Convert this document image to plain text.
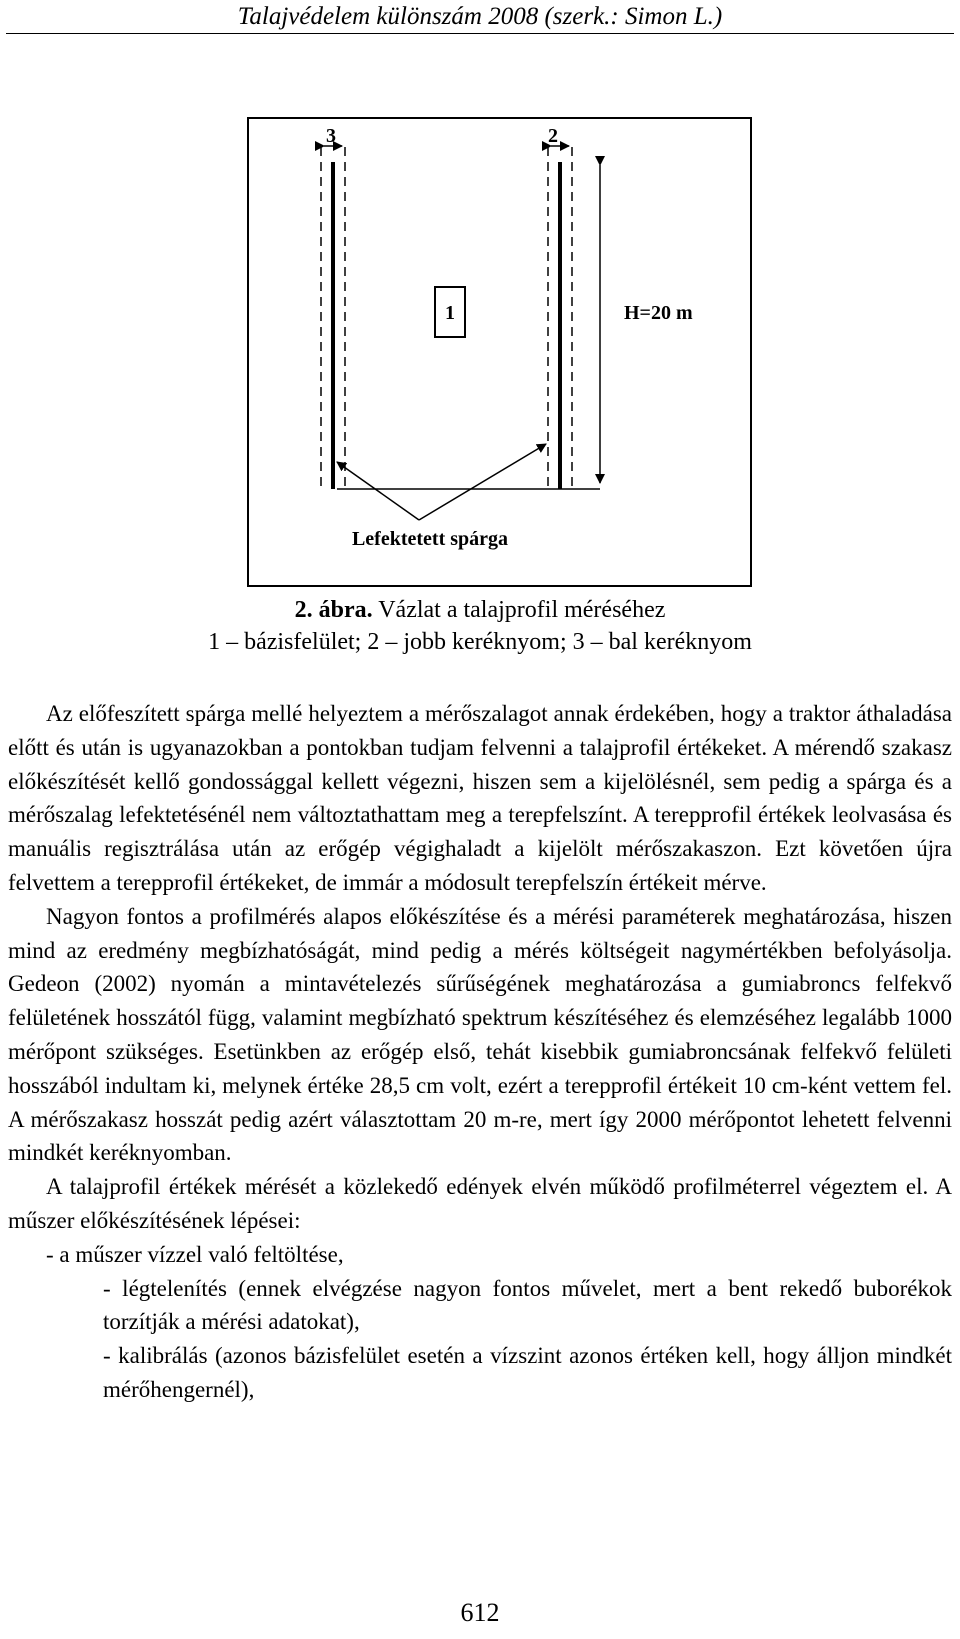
Talajvédelem különszám 2008 (szerk.: Simon L.)
3	2
1	H=20 m
Lefektetett spárga
2. ábra. Vázlat a talajprofil méréséhez
1 – bázisfelület; 2 – jobb keréknyom; 3 – bal keréknyom

Az előfeszített spárga mellé helyeztem a mérőszalagot annak érdekében, hogy a traktor áthaladása előtt és után is ugyanazokban a pontokban tudjam felvenni a talajprofil értékeket. A mérendő szakasz előkészítését kellő gondossággal kellett végezni, hiszen sem a kijelölésnél, sem pedig a spárga és a mérőszalag lefektetésénél nem változtathattam meg a terepfelszínt. A terepprofil értékek leolvasása és manuális regisztrálása után az erőgép végighaladt a kijelölt mérőszakaszon. Ezt követően újra felvettem a terepprofil értékeket, de immár a módosult terepfelszín értékeit mérve.

Nagyon fontos a profilmérés alapos előkészítése és a mérési paraméterek meghatározása, hiszen mind az eredmény megbízhatóságát, mind pedig a mérés költségeit nagymértékben befolyásolja. Gedeon (2002) nyomán a mintavételezés sűrűségének meghatározása a gumiabroncs felfekvő felületének hosszától függ, valamint megbízható spektrum készítéséhez és elemzéséhez legalább 1000 mérőpont szükséges. Esetünkben az erőgép első, tehát kisebbik gumiabroncsának felfekvő felületi hosszából indultam ki, melynek értéke 28,5 cm volt, ezért a terepprofil értékeit 10 cm-ként vettem fel. A mérőszakasz hosszát pedig azért választottam 20 m-re, mert így 2000 mérőpontot lehetett felvenni mindkét keréknyomban.

A talajprofil értékek mérését a közlekedő edények elvén működő profilméterrel végeztem el. A műszer előkészítésének lépései:

- a műszer vízzel való feltöltése,
- légtelenítés (ennek elvégzése nagyon fontos művelet, mert a bent rekedő buborékok torzítják a mérési adatokat),
- kalibrálás (azonos bázisfelület esetén a vízszint azonos értéken kell, hogy álljon mindkét mérőhengernél),
612
